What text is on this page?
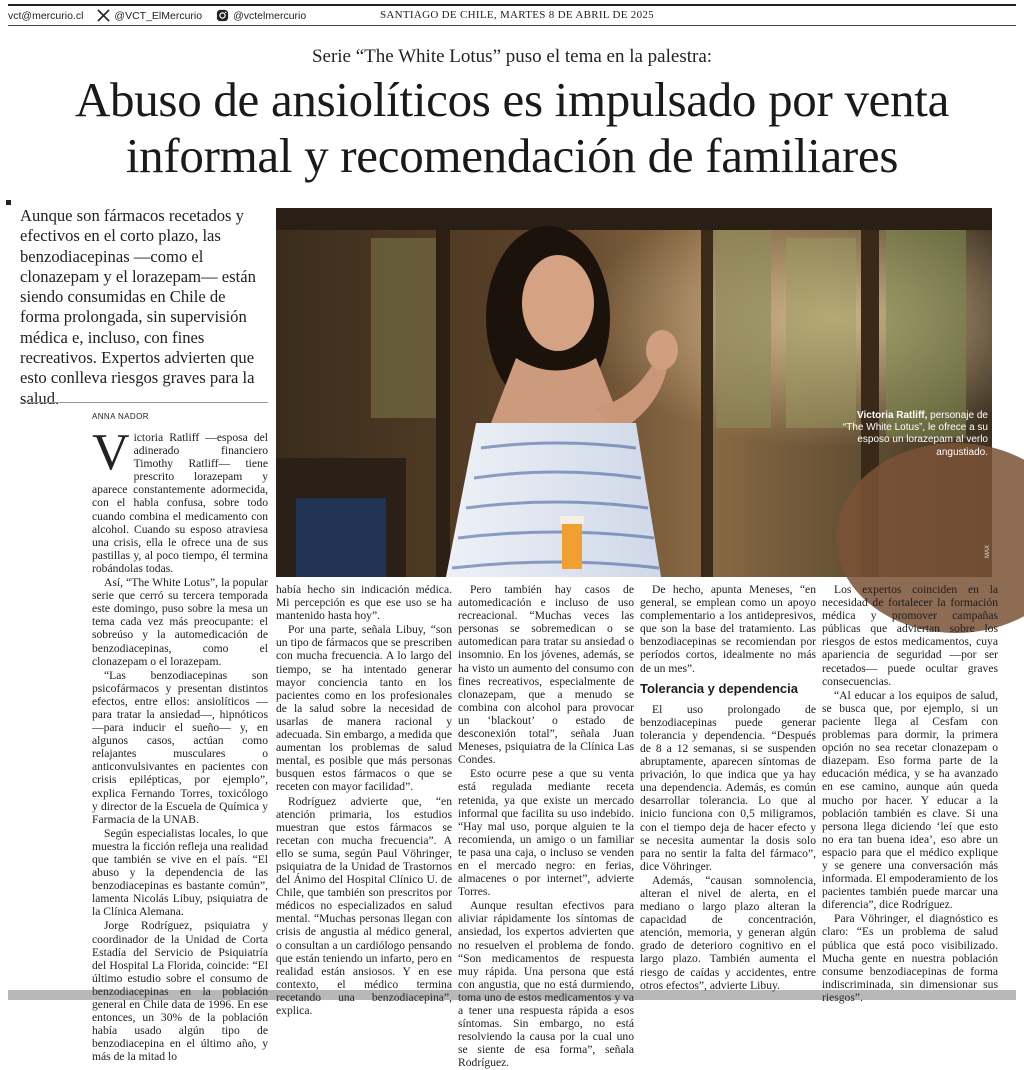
vct@mercurio.cl	@VCT_ElMercurio	@vctelmercurio	SANTIAGO DE CHILE, MARTES 8 DE ABRIL DE 2025
Serie “The White Lotus” puso el tema en la palestra:
Abuso de ansiolíticos es impulsado por venta informal y recomendación de familiares
Aunque son fármacos recetados y efectivos en el corto plazo, las benzodiacepinas —como el clonazepam y el lorazepam— están siendo consumidas en Chile de forma prolongada, sin supervisión médica e, incluso, con fines recreativos. Expertos advierten que esto conlleva riesgos graves para la salud.
ANNA NADOR	Victoria Ratliff, personaje de “The White Lotus”, le ofrece a su esposo un lorazepam al verlo angustiado.
MAX

Victoria Ratliff —esposa del adinerado financiero Timothy Ratliff— tiene prescrito lorazepam y aparece constantemente adormecida, con el habla confusa, sobre todo cuando combina el medicamento con alcohol. Cuando su esposo atraviesa una crisis, ella le ofrece una de sus pastillas y, al poco tiempo, él termina robándolas todas.

Así, “The White Lotus”, la popular serie que cerró su tercera temporada este domingo, puso sobre la mesa un tema cada vez más preocupante: el sobreúso y la automedicación de benzodiacepinas, como el clonazepam o el lorazepam.

“Las benzodiacepinas son psicofármacos y presentan distintos efectos, entre ellos: ansiolíticos —para tratar la ansiedad—, hipnóticos —para inducir el sueño— y, en algunos casos, actúan como relajantes musculares o anticonvulsivantes en pacientes con crisis epilépticas, por ejemplo”, explica Fernando Torres, toxicólogo y director de la Escuela de Química y Farmacia de la UNAB.

Según especialistas locales, lo que muestra la ficción refleja una realidad que también se vive en el país. “El abuso y la dependencia de las benzodiacepinas es bastante común”, lamenta Nicolás Libuy, psiquiatra de la Clínica Alemana.

Jorge Rodríguez, psiquiatra y coordinador de la Unidad de Corta Estadía del Servicio de Psiquiatría del Hospital La Florida, coincide: “El último estudio sobre el consumo de benzodiacepinas en la población general en Chile data de 1996. En ese entonces, un 30% de la población había usado algún tipo de benzodiacepina en el último año, y más de la mitad lo

había hecho sin indicación médica. Mi percepción es que ese uso se ha mantenido hasta hoy”.

Por una parte, señala Libuy, “son un tipo de fármacos que se prescriben con mucha frecuencia. A lo largo del tiempo, se ha intentado generar mayor conciencia tanto en los pacientes como en los profesionales de la salud sobre la necesidad de usarlas de manera racional y adecuada. Sin embargo, a medida que aumentan los problemas de salud mental, es posible que más personas busquen estos fármacos o que se receten con mayor facilidad”.

Rodríguez advierte que, “en atención primaria, los estudios muestran que estos fármacos se recetan con mucha frecuencia”. A ello se suma, según Paul Vöhringer, psiquiatra de la Unidad de Trastornos del Ánimo del Hospital Clínico U. de Chile, que también son prescritos por médicos no especializados en salud mental. “Muchas personas llegan con crisis de angustia al médico general, o consultan a un cardiólogo pensando que están teniendo un infarto, pero en realidad están ansiosos. Y en ese contexto, el médico termina recetando una benzodiacepina”, explica.

Pero también hay casos de automedicación e incluso de uso recreacional. “Muchas veces las personas se sobremedican o se automedican para tratar su ansiedad o insomnio. En los jóvenes, además, se ha visto un aumento del consumo con fines recreativos, especialmente de clonazepam, que a menudo se combina con alcohol para provocar un ‘blackout’ o estado de desconexión total”, señala Juan Meneses, psiquiatra de la Clínica Las Condes.

Esto ocurre pese a que su venta está regulada mediante receta retenida, ya que existe un mercado informal que facilita su uso indebido. “Hay mal uso, porque alguien te la recomienda, un amigo o un familiar te pasa una caja, o incluso se venden en el mercado negro: en ferias, almacenes o por internet”, advierte Torres.

Aunque resultan efectivos para aliviar rápidamente los síntomas de ansiedad, los expertos advierten que no resuelven el problema de fondo. “Son medicamentos de respuesta muy rápida. Una persona que está con angustia, que no está durmiendo, toma uno de estos medicamentos y va a tener una respuesta rápida a esos síntomas. Sin embargo, no está resolviendo la causa por la cual uno se siente de esa forma”, señala Rodríguez.

De hecho, apunta Meneses, “en general, se emplean como un apoyo complementario a los antidepresivos, que son la base del tratamiento. Las benzodiacepinas se recomiendan por períodos cortos, idealmente no más de un mes”.

Tolerancia y dependencia

El uso prolongado de benzodiacepinas puede generar tolerancia y dependencia. “Después de 8 a 12 semanas, si se suspenden abruptamente, aparecen síntomas de privación, lo que indica que ya hay una dependencia. Además, es común desarrollar tolerancia. Lo que al inicio funciona con 0,5 miligramos, con el tiempo deja de hacer efecto y se necesita aumentar la dosis solo para no sentir la falta del fármaco”, dice Vöhringer.

Además, “causan somnolencia, alteran el nivel de alerta, en el mediano o largo plazo alteran la capacidad de concentración, atención, memoria, y generan algún grado de deterioro cognitivo en el largo plazo. También aumenta el riesgo de caídas y accidentes, entre otros efectos”, advierte Libuy.

Los expertos coinciden en la necesidad de fortalecer la formación médica y promover campañas públicas que adviertan sobre los riesgos de estos medicamentos, cuya apariencia de seguridad —por ser recetados— puede ocultar graves consecuencias.

“Al educar a los equipos de salud, se busca que, por ejemplo, si un paciente llega al Cesfam con problemas para dormir, la primera opción no sea recetar clonazepam o diazepam. Eso forma parte de la educación médica, y se ha avanzado en ese camino, aunque aún queda mucho por hacer. Y educar a la población también es clave. Si una persona llega diciendo ‘leí que esto no era tan buena idea’, eso abre un espacio para que el médico explique y se genere una conversación más informada. El empoderamiento de los pacientes también puede marcar una diferencia”, dice Rodríguez.

Para Vöhringer, el diagnóstico es claro: “Es un problema de salud pública que está poco visibilizado. Mucha gente en nuestra población consume benzodiacepinas de forma indiscriminada, sin dimensionar sus riesgos”.
